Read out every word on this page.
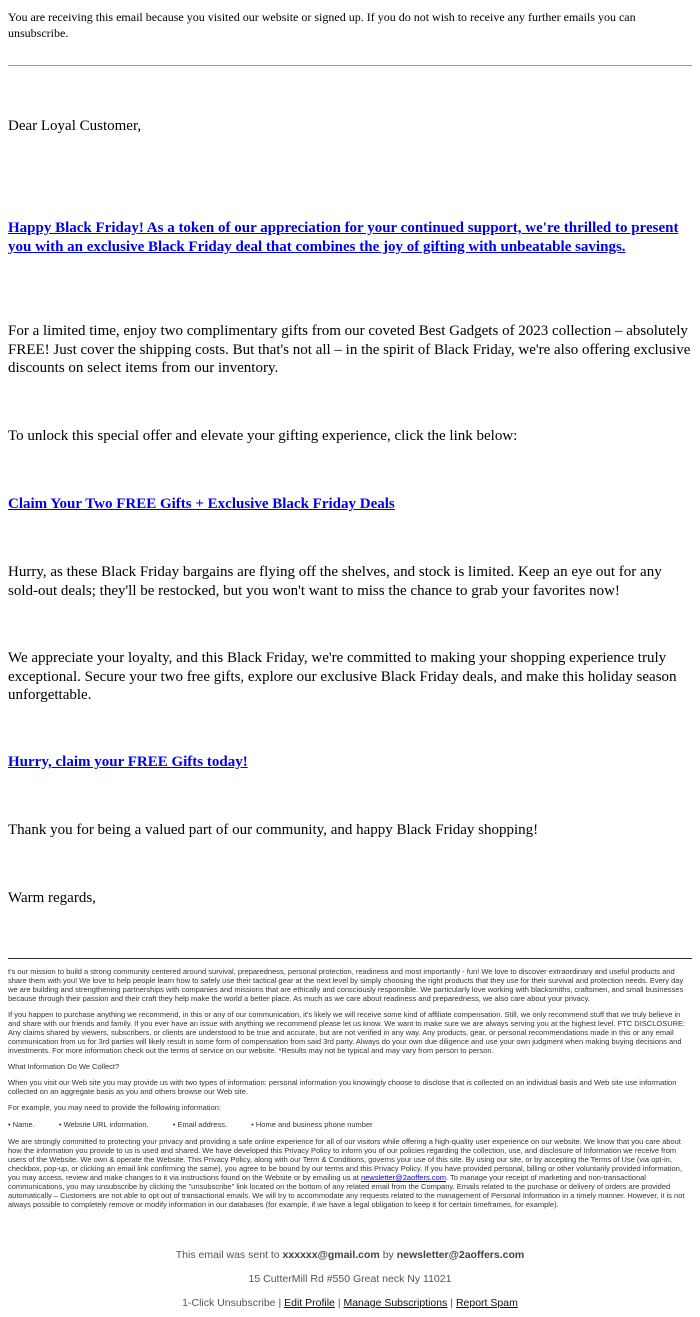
You are receiving this email because you visited our website or signed up. If you do not wish to receive any further emails you can unsubscribe.

Dear Loyal Customer,

Happy Black Friday! As a token of our appreciation for your continued support, we're thrilled to present you with an exclusive Black Friday deal that combines the joy of gifting with unbeatable savings.

For a limited time, enjoy two complimentary gifts from our coveted Best Gadgets of 2023 collection – absolutely FREE! Just cover the shipping costs. But that's not all – in the spirit of Black Friday, we're also offering exclusive discounts on select items from our inventory.

To unlock this special offer and elevate your gifting experience, click the link below:

Claim Your Two FREE Gifts + Exclusive Black Friday Deals

Hurry, as these Black Friday bargains are flying off the shelves, and stock is limited. Keep an eye out for any sold-out deals; they'll be restocked, but you won't want to miss the chance to grab your favorites now!

We appreciate your loyalty, and this Black Friday, we're committed to making your shopping experience truly exceptional. Secure your two free gifts, explore our exclusive Black Friday deals, and make this holiday season unforgettable.

Hurry, claim your FREE Gifts today!

Thank you for being a valued part of our community, and happy Black Friday shopping!

Warm regards,

t's our mission to build a strong community centered around survival, preparedness, personal protection, readiness and most importantly - fun! We love to discover extraordinary and useful products and share them with you! We love to help people learn how to safely use their tactical gear at the next level by simply choosing the right products that they use for their survival and protection needs. Every day we are building and strengthening partnerships with companies and missions that are ethically and consciously responsible. We particularly love working with blacksmiths, craftsmen, and small businesses because through their passion and their craft they help make the world a better place. As much as we care about readiness and preparedness, we also care about your privacy.

If you happen to purchase anything we recommend, in this or any of our communication, it's likely we will receive some kind of affiliate compensation. Still, we only recommend stuff that we truly believe in and share with our friends and family. If you ever have an issue with anything we recommend please let us know. We want to make sure we are always serving you at the highest level. FTC DISCLOSURE: Any claims shared by viewers, subscribers, or clients are understood to be true and accurate, but are not verified in any way. Any products, gear, or personal recommendations made in this or any email communication from us for 3rd parties will likely result in some form of compensation from said 3rd party. Always do your own due diligence and use your own judgment when making buying decisions and investments. For more information check out the terms of service on our website. *Results may not be typical and may vary from person to person.

What Information Do We Collect?

When you visit our Web site you may provide us with two types of information: personal information you knowingly choose to disclose that is collected on an individual basis and Web site use information collected on an aggregate basis as you and others browse our Web site.

For example, you may need to provide the following information:

• Name.	• Website URL information.	• Email address.	• Home and business phone number

We are strongly committed to protecting your privacy and providing a safe online experience for all of our visitors while offering a high-quality user experience on our website. We know that you care about how the information you provide to us is used and shared. We have developed this Privacy Policy to inform you of our policies regarding the collection, use, and disclosure of Information we receive from users of the Website. We own & operate the Website. This Privacy Policy, along with our Term & Conditions, governs your use of this site. By using our site, or by accepting the Terms of Use (via opt-in, checkbox, pop-up, or clicking an email link confirming the same), you agree to be bound by our terms and this Privacy Policy. If you have provided personal, billing or other voluntarily provided information, you may access, review and make changes to it via instructions found on the Website or by emailing us at newsletter@2aoffers.com. To manage your receipt of marketing and non-transactional communications, you may unsubscribe by clicking the "unsubscribe" link located on the bottom of any related email from the Company. Emails related to the purchase or delivery of orders are provided automatically – Customers are not able to opt out of transactional emails. We will try to accommodate any requests related to the management of Personal Information in a timely manner. However, it is not always possible to completely remove or modify information in our databases (for example, if we have a legal obligation to keep it for certain timeframes, for example).

This email was sent to xxxxxx@gmail.com by newsletter@2aoffers.com
15 CutterMill Rd #550 Great neck Ny 11021
1-Click Unsubscribe | Edit Profile | Manage Subscriptions | Report Spam
